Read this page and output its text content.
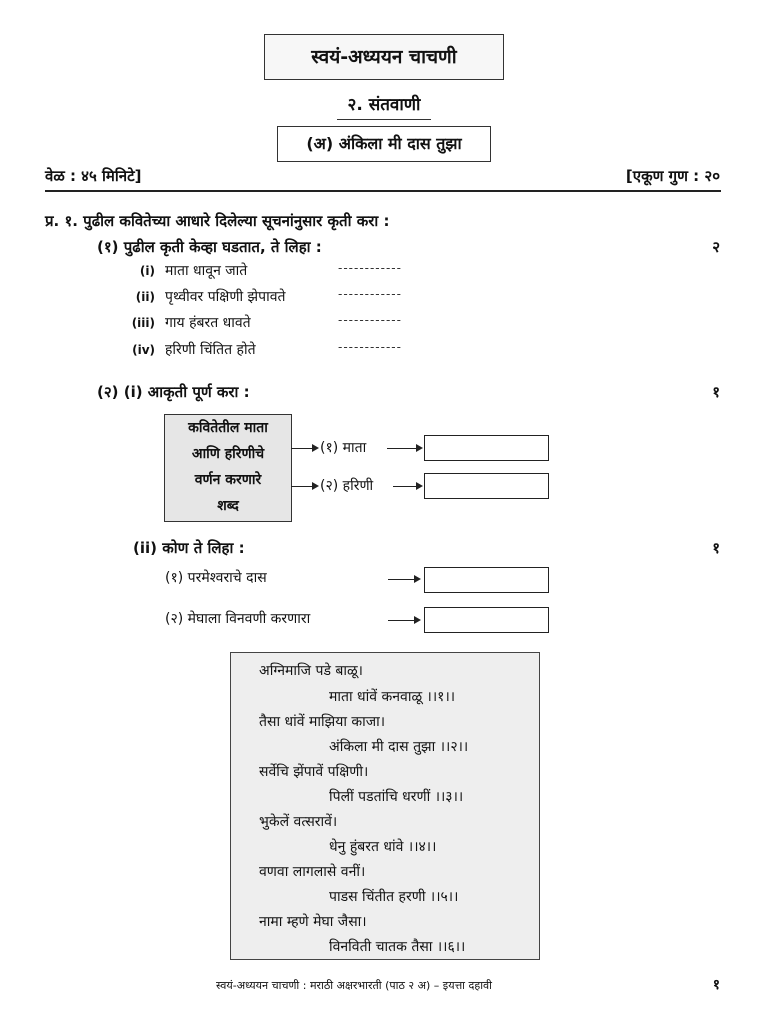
स्वयं-अध्ययन चाचणी
२. संतवाणी
(अ) अंकिला मी दास तुझा
वेळ : ४५ मिनिटे]	[एकूण गुण : २०
प्र. १. पुढील कवितेच्या आधारे दिलेल्या सूचनांनुसार कृती करा :
(१) पुढील कृती केव्हा घडतात, ते लिहा :	२
(i) माता धावून जाते	------------
(ii) पृथ्वीवर पक्षिणी झेपावते	------------
(iii) गाय हंबरत धावते	------------
(iv) हरिणी चिंतित होते	------------
(२) (i) आकृती पूर्ण करा :	१
कवितेतील माता
आणि हरिणीचे
वर्णन करणारे
शब्द
(१) माता
(२) हरिणी
(ii) कोण ते लिहा :	१
(१) परमेश्वराचे दास
(२) मेघाला विनवणी करणारा
अग्निमाजि पडे बाळू।
माता धांवें कनवाळू ।।१।।
तैसा धांवें माझिया काजा।
अंकिला मी दास तुझा ।।२।।
सर्वेचि झेंपावें पक्षिणी।
पिलीं पडतांचि धरणीं ।।३।।
भुकेलें वत्सरावें।
धेनु हुंबरत धांवे ।।४।।
वणवा लागलासे वनीं।
पाडस चिंतीत हरणी ।।५।।
नामा म्हणे मेघा जैसा।
विनविती चातक तैसा ।।६।।
स्वयं-अध्ययन चाचणी : मराठी अक्षरभारती (पाठ २ अ) – इयत्ता दहावी	१
